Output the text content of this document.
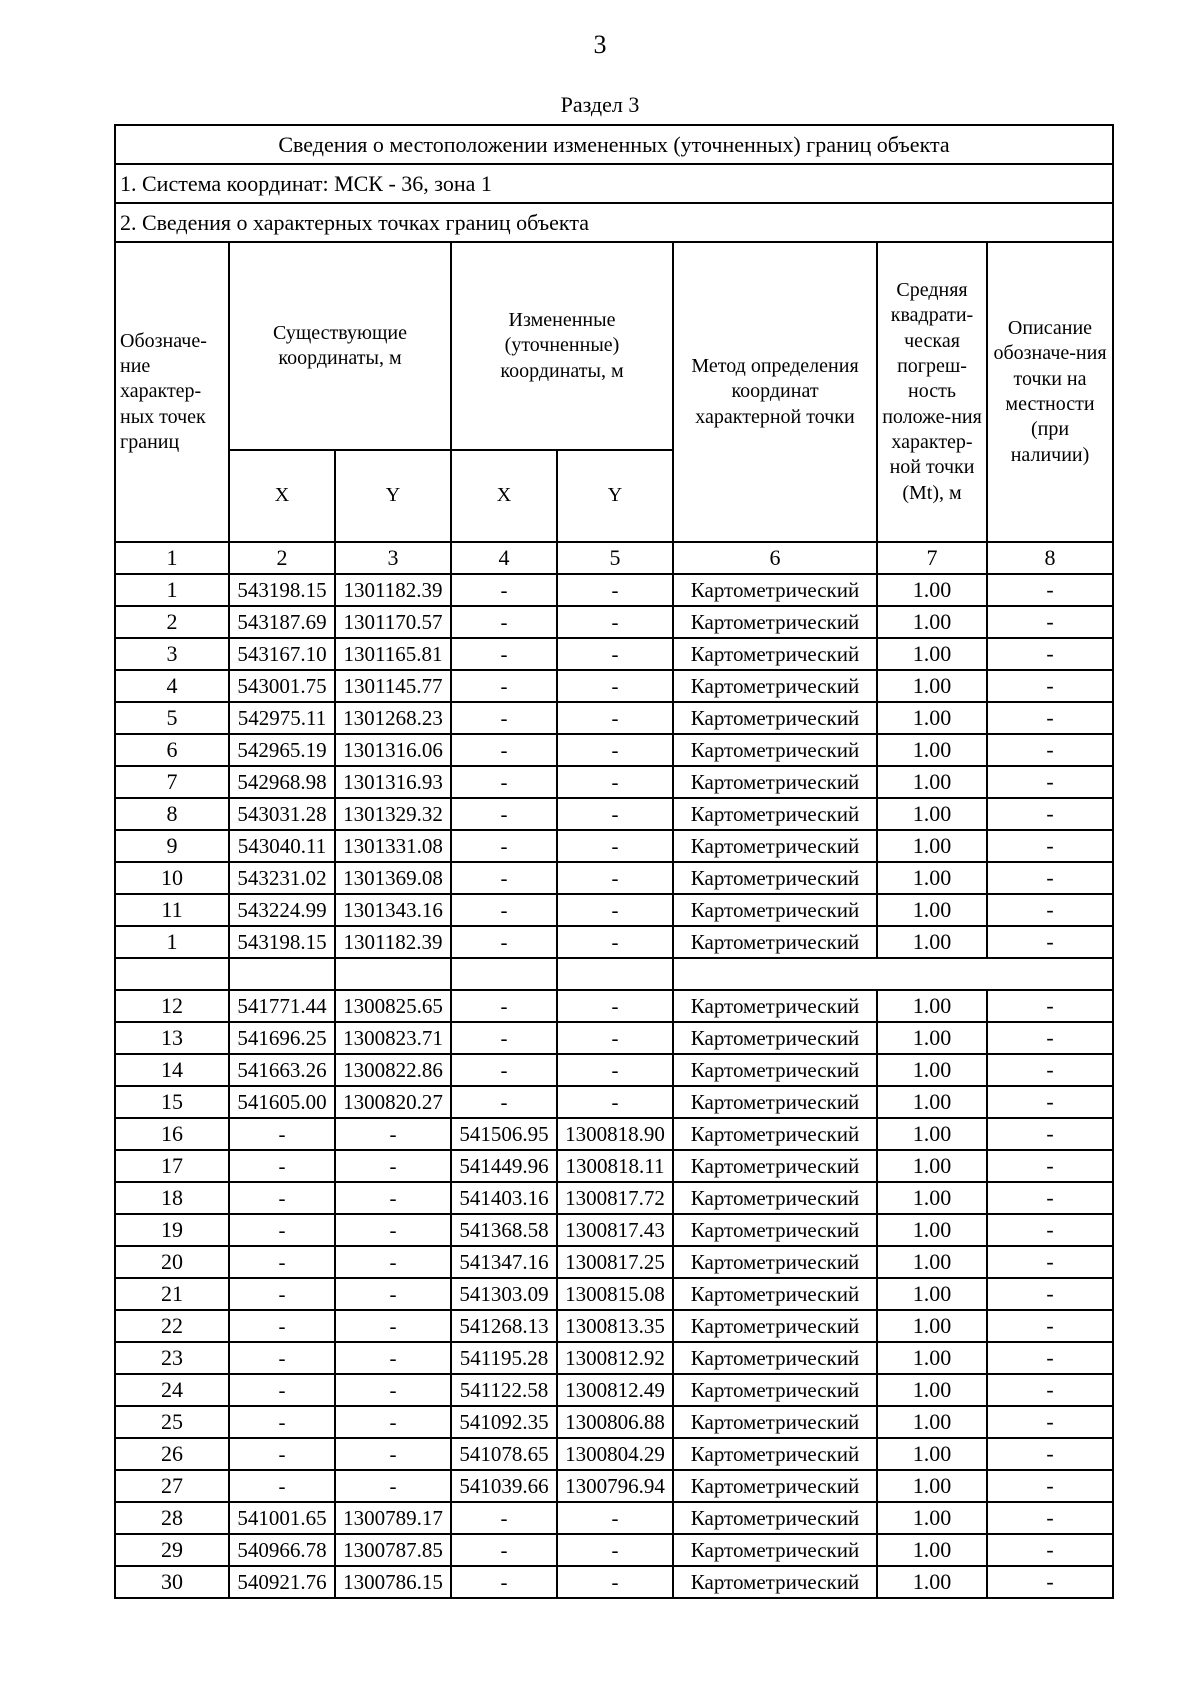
3
Раздел 3
Сведения о местоположении измененных (уточненных) границ объекта							
1. Система координат: МСК - 36, зона 1							
2. Сведения о характерных точках границ объекта							
Обозначе-ние характер-ных точек границ	Существующие координаты, м		Измененные (уточненные) координаты, м		Метод определения координат характерной точки	Средняя квадрати-ческая погреш-ность положе-ния характер-ной точки (Mt), м	Описание обозначе-ния точки на местности (при наличии)
	X	Y	X	Y			
1	2	3	4	5	6	7	8
1	543198.15	1301182.39	-	-	Картометрический	1.00	-
2	543187.69	1301170.57	-	-	Картометрический	1.00	-
3	543167.10	1301165.81	-	-	Картометрический	1.00	-
4	543001.75	1301145.77	-	-	Картометрический	1.00	-
5	542975.11	1301268.23	-	-	Картометрический	1.00	-
6	542965.19	1301316.06	-	-	Картометрический	1.00	-
7	542968.98	1301316.93	-	-	Картометрический	1.00	-
8	543031.28	1301329.32	-	-	Картометрический	1.00	-
9	543040.11	1301331.08	-	-	Картометрический	1.00	-
10	543231.02	1301369.08	-	-	Картометрический	1.00	-
11	543224.99	1301343.16	-	-	Картометрический	1.00	-
1	543198.15	1301182.39	-	-	Картометрический	1.00	-

12	541771.44	1300825.65	-	-	Картометрический	1.00	-
13	541696.25	1300823.71	-	-	Картометрический	1.00	-
14	541663.26	1300822.86	-	-	Картометрический	1.00	-
15	541605.00	1300820.27	-	-	Картометрический	1.00	-
16	-	-	541506.95	1300818.90	Картометрический	1.00	-
17	-	-	541449.96	1300818.11	Картометрический	1.00	-
18	-	-	541403.16	1300817.72	Картометрический	1.00	-
19	-	-	541368.58	1300817.43	Картометрический	1.00	-
20	-	-	541347.16	1300817.25	Картометрический	1.00	-
21	-	-	541303.09	1300815.08	Картометрический	1.00	-
22	-	-	541268.13	1300813.35	Картометрический	1.00	-
23	-	-	541195.28	1300812.92	Картометрический	1.00	-
24	-	-	541122.58	1300812.49	Картометрический	1.00	-
25	-	-	541092.35	1300806.88	Картометрический	1.00	-
26	-	-	541078.65	1300804.29	Картометрический	1.00	-
27	-	-	541039.66	1300796.94	Картометрический	1.00	-
28	541001.65	1300789.17	-	-	Картометрический	1.00	-
29	540966.78	1300787.85	-	-	Картометрический	1.00	-
30	540921.76	1300786.15	-	-	Картометрический	1.00	-
